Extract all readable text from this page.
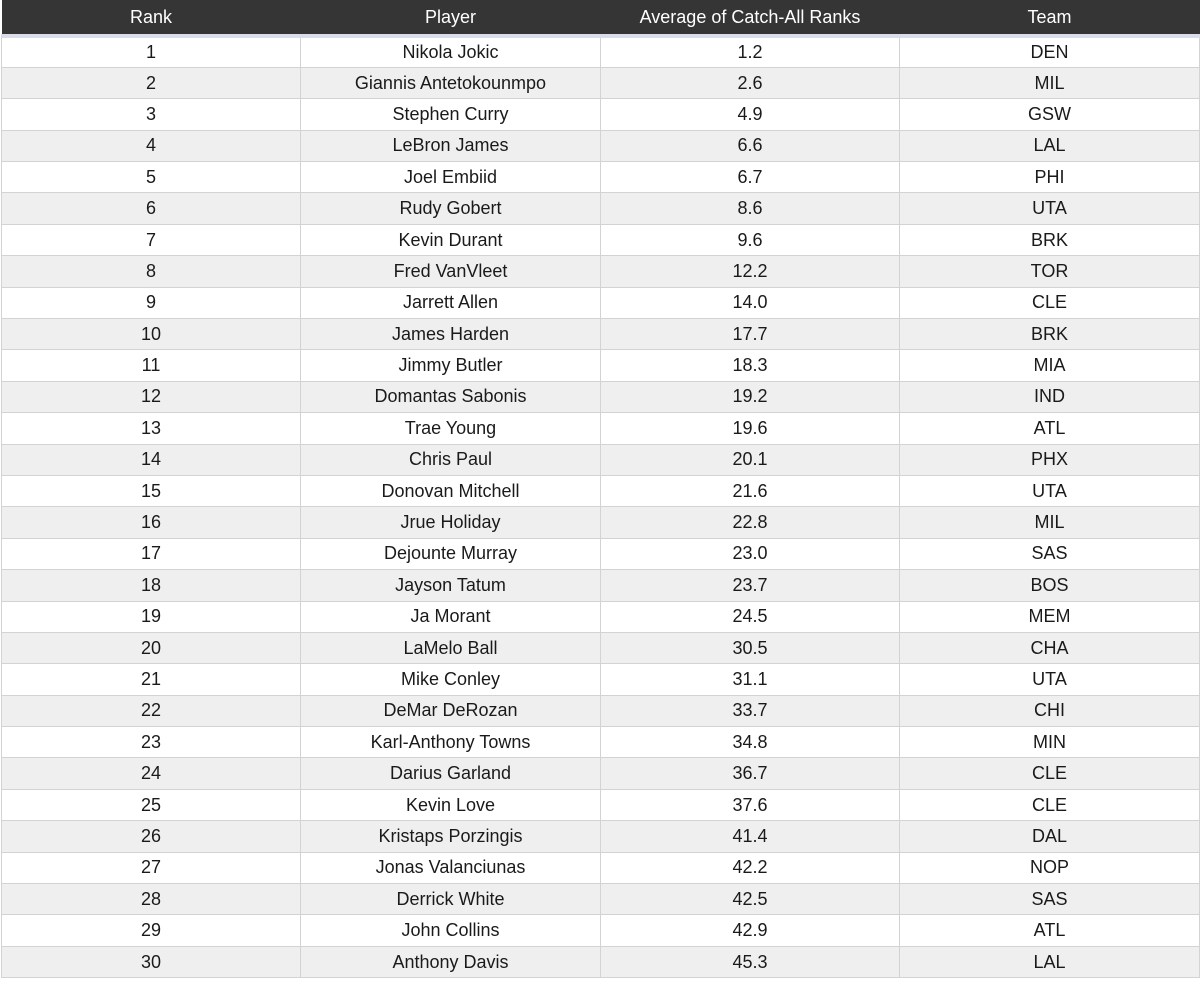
Rank	Player	Average of Catch-All Ranks	Team
1	Nikola Jokic	1.2	DEN
2	Giannis Antetokounmpo	2.6	MIL
3	Stephen Curry	4.9	GSW
4	LeBron James	6.6	LAL
5	Joel Embiid	6.7	PHI
6	Rudy Gobert	8.6	UTA
7	Kevin Durant	9.6	BRK
8	Fred VanVleet	12.2	TOR
9	Jarrett Allen	14.0	CLE
10	James Harden	17.7	BRK
11	Jimmy Butler	18.3	MIA
12	Domantas Sabonis	19.2	IND
13	Trae Young	19.6	ATL
14	Chris Paul	20.1	PHX
15	Donovan Mitchell	21.6	UTA
16	Jrue Holiday	22.8	MIL
17	Dejounte Murray	23.0	SAS
18	Jayson Tatum	23.7	BOS
19	Ja Morant	24.5	MEM
20	LaMelo Ball	30.5	CHA
21	Mike Conley	31.1	UTA
22	DeMar DeRozan	33.7	CHI
23	Karl-Anthony Towns	34.8	MIN
24	Darius Garland	36.7	CLE
25	Kevin Love	37.6	CLE
26	Kristaps Porzingis	41.4	DAL
27	Jonas Valanciunas	42.2	NOP
28	Derrick White	42.5	SAS
29	John Collins	42.9	ATL
30	Anthony Davis	45.3	LAL
